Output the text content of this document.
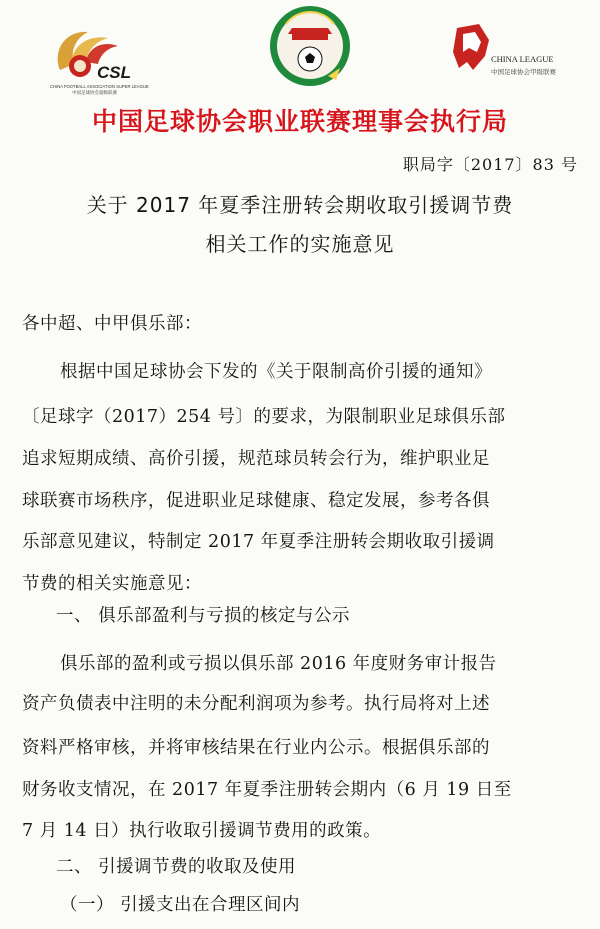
CSL
CHINA FOOTBALL ASSOCIATION SUPER LEAGUE
中国足球协会超级联赛
CHINA LEAGUE
中国足球协会甲级联赛
中国足球协会职业联赛理事会执行局
职局字〔2017〕83 号
关于 2017 年夏季注册转会期收取引援调节费
相关工作的实施意见
各中超、中甲俱乐部：
根据中国足球协会下发的《关于限制高价引援的通知》
〔足球字（2017）254 号〕的要求，为限制职业足球俱乐部
追求短期成绩、高价引援，规范球员转会行为，维护职业足
球联赛市场秩序，促进职业足球健康、稳定发展，参考各俱
乐部意见建议，特制定 2017 年夏季注册转会期收取引援调
节费的相关实施意见：
一、 俱乐部盈利与亏损的核定与公示
俱乐部的盈利或亏损以俱乐部 2016 年度财务审计报告
资产负债表中注明的未分配利润项为参考。执行局将对上述
资料严格审核，并将审核结果在行业内公示。根据俱乐部的
财务收支情况，在 2017 年夏季注册转会期内（6 月 19 日至
7 月 14 日）执行收取引援调节费用的政策。
二、 引援调节费的收取及使用
（一） 引援支出在合理区间内
